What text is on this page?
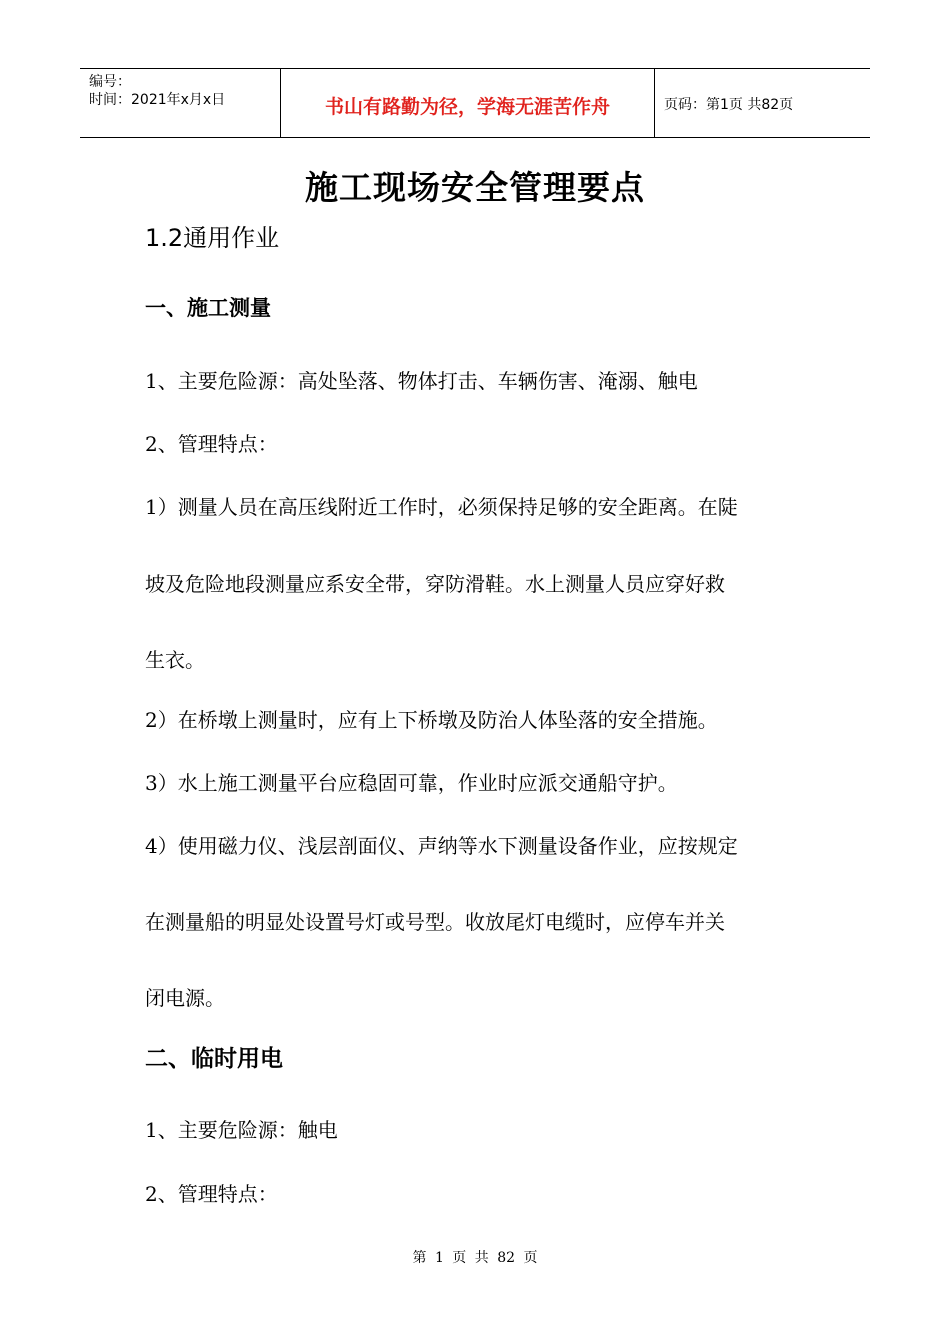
编号：
时间：2021年x月x日	书山有路勤为径，学海无涯苦作舟	页码：第1页 共82页
施工现场安全管理要点
1.2通用作业
一、施工测量
1、主要危险源：高处坠落、物体打击、车辆伤害、淹溺、触电
2、管理特点：
1）测量人员在高压线附近工作时，必须保持足够的安全距离。在陡
坡及危险地段测量应系安全带，穿防滑鞋。水上测量人员应穿好救
生衣。
2）在桥墩上测量时，应有上下桥墩及防治人体坠落的安全措施。
3）水上施工测量平台应稳固可靠，作业时应派交通船守护。
4）使用磁力仪、浅层剖面仪、声纳等水下测量设备作业，应按规定
在测量船的明显处设置号灯或号型。收放尾灯电缆时，应停车并关
闭电源。
二、临时用电
1、主要危险源：触电
2、管理特点：
第 1 页 共 82 页
